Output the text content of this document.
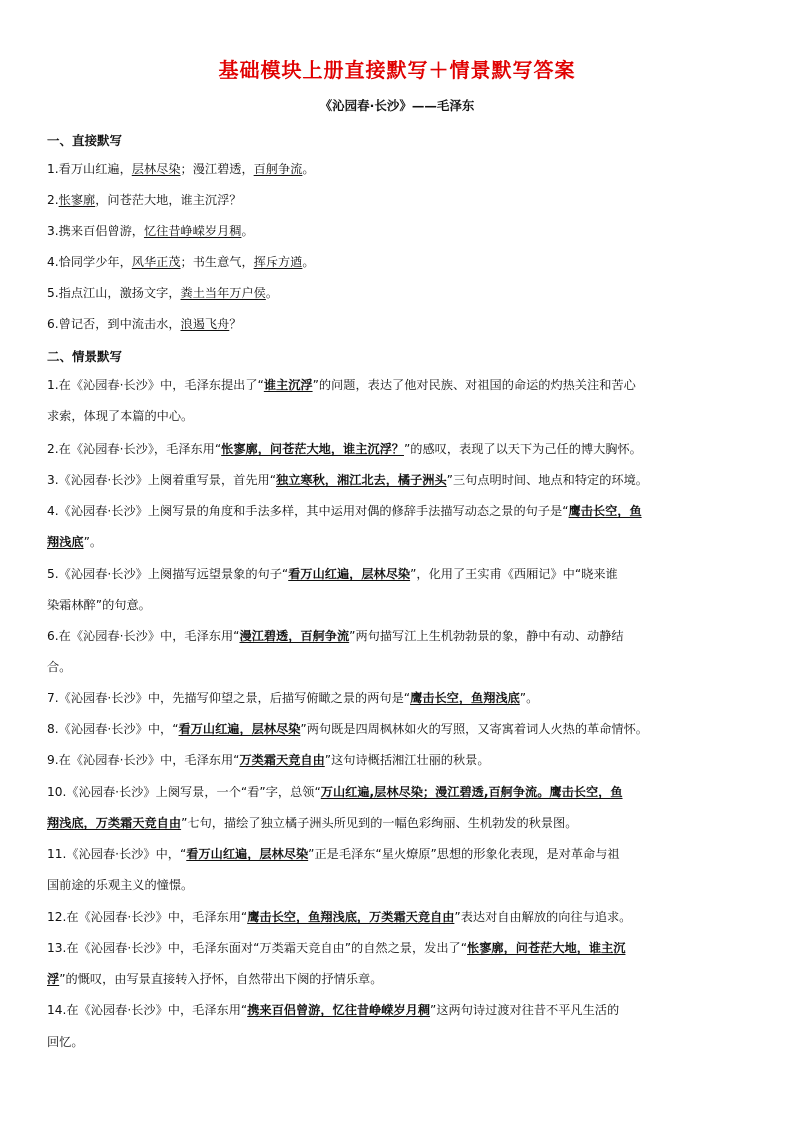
基础模块上册直接默写＋情景默写答案
《沁园春·长沙》——毛泽东
一、直接默写
1.看万山红遍，层林尽染；漫江碧透，百舸争流。
2.怅寥廓，问苍茫大地，谁主沉浮？
3.携来百侣曾游，忆往昔峥嵘岁月稠。
4.恰同学少年，风华正茂；书生意气，挥斥方遒。
5.指点江山，激扬文字，粪土当年万户侯。
6.曾记否，到中流击水，浪遏飞舟？
二、情景默写
1.在《沁园春·长沙》中，毛泽东提出了“谁主沉浮”的问题，表达了他对民族、对祖国的命运的灼热关注和苦心
求索，体现了本篇的中心。
2.在《沁园春·长沙》，毛泽东用“怅寥廓，问苍茫大地，谁主沉浮？”的感叹，表现了以天下为己任的博大胸怀。
3.《沁园春·长沙》上阕着重写景，首先用“独立寒秋，湘江北去，橘子洲头”三句点明时间、地点和特定的环境。
4.《沁园春·长沙》上阕写景的角度和手法多样，其中运用对偶的修辞手法描写动态之景的句子是“鹰击长空，鱼
翔浅底”。
5.《沁园春·长沙》上阕描写远望景象的句子“看万山红遍，层林尽染”，化用了王实甫《西厢记》中“晓来谁
染霜林醉”的句意。
6.在《沁园春·长沙》中，毛泽东用“漫江碧透，百舸争流”两句描写江上生机勃勃景的象，静中有动、动静结
合。
7.《沁园春·长沙》中，先描写仰望之景，后描写俯瞰之景的两句是“鹰击长空，鱼翔浅底”。
8.《沁园春·长沙》中，“看万山红遍，层林尽染”两句既是四周枫林如火的写照，又寄寓着词人火热的革命情怀。
9.在《沁园春·长沙》中，毛泽东用“万类霜天竞自由”这句诗概括湘江壮丽的秋景。
10.《沁园春·长沙》上阕写景，一个“看”字，总领“万山红遍,层林尽染；漫江碧透,百舸争流。鹰击长空，鱼
翔浅底，万类霜天竞自由”七句，描绘了独立橘子洲头所见到的一幅色彩绚丽、生机勃发的秋景图。
11.《沁园春·长沙》中，“看万山红遍，层林尽染”正是毛泽东“星火燎原”思想的形象化表现，是对革命与祖
国前途的乐观主义的憧憬。
12.在《沁园春·长沙》中，毛泽东用“鹰击长空，鱼翔浅底，万类霜天竞自由”表达对自由解放的向往与追求。
13.在《沁园春·长沙》中，毛泽东面对“万类霜天竞自由”的自然之景，发出了“怅寥廓，问苍茫大地，谁主沉
浮”的慨叹，由写景直接转入抒怀，自然带出下阕的抒情乐章。
14.在《沁园春·长沙》中，毛泽东用“携来百侣曾游，忆往昔峥嵘岁月稠”这两句诗过渡对往昔不平凡生活的
回忆。
